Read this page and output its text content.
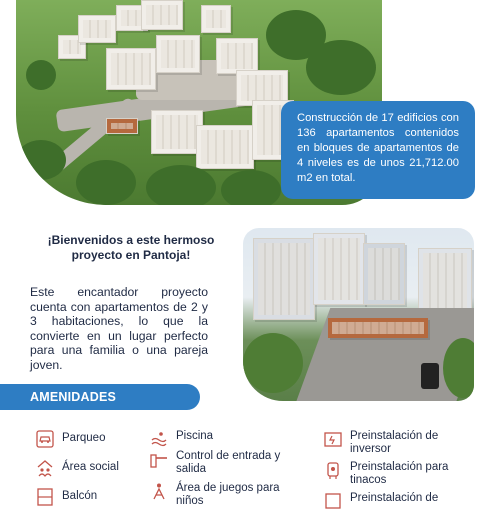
Construcción de 17 edificios con 136 apartamentos contenidos en bloques de apartamentos de 4 niveles es de unos 21,712.00 m2 en total.
¡Bienvenidos a este hermoso proyecto en Pantoja!
Este encantador proyecto cuenta con apartamentos de 2 y 3 habitaciones, lo que la convierte en un lugar perfecto para una familia o una pareja joven.
AMENIDADES
Parqueo
Área social
Balcón
Piscina
Control de entrada y salida
Área de juegos para niños
Preinstalación de inversor
Preinstalación para tinacos
Preinstalación de
